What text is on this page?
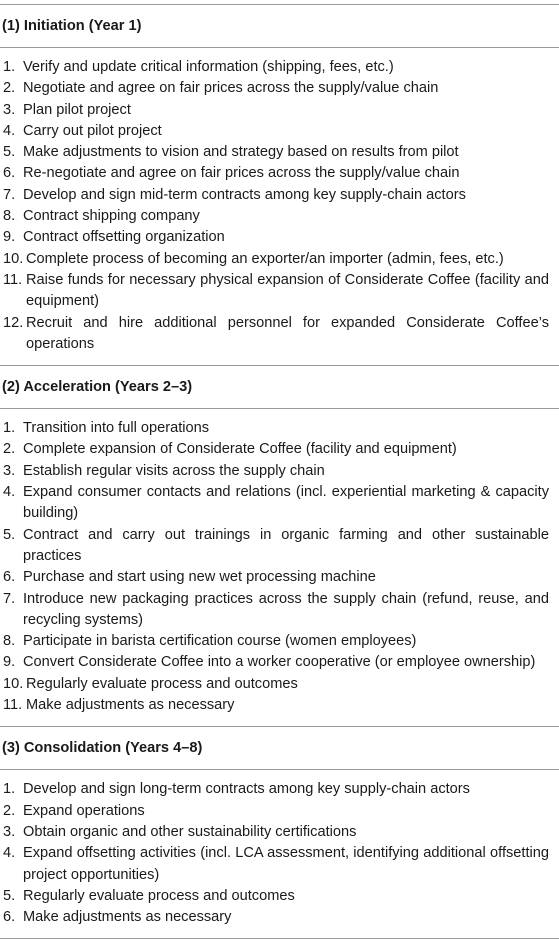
(1) Initiation (Year 1)
1. Verify and update critical information (shipping, fees, etc.)
2. Negotiate and agree on fair prices across the supply/value chain
3. Plan pilot project
4. Carry out pilot project
5. Make adjustments to vision and strategy based on results from pilot
6. Re-negotiate and agree on fair prices across the supply/value chain
7. Develop and sign mid-term contracts among key supply-chain actors
8. Contract shipping company
9. Contract offsetting organization
10. Complete process of becoming an exporter/an importer (admin, fees, etc.)
11. Raise funds for necessary physical expansion of Considerate Coffee (facility and equipment)
12. Recruit and hire additional personnel for expanded Considerate Coffee’s operations
(2) Acceleration (Years 2–3)
1. Transition into full operations
2. Complete expansion of Considerate Coffee (facility and equipment)
3. Establish regular visits across the supply chain
4. Expand consumer contacts and relations (incl. experiential marketing & capacity building)
5. Contract and carry out trainings in organic farming and other sustainable practices
6. Purchase and start using new wet processing machine
7. Introduce new packaging practices across the supply chain (refund, reuse, and recycling systems)
8. Participate in barista certification course (women employees)
9. Convert Considerate Coffee into a worker cooperative (or employee ownership)
10. Regularly evaluate process and outcomes
11. Make adjustments as necessary
(3) Consolidation (Years 4–8)
1. Develop and sign long-term contracts among key supply-chain actors
2. Expand operations
3. Obtain organic and other sustainability certifications
4. Expand offsetting activities (incl. LCA assessment, identifying additional offsetting project opportunities)
5. Regularly evaluate process and outcomes
6. Make adjustments as necessary
